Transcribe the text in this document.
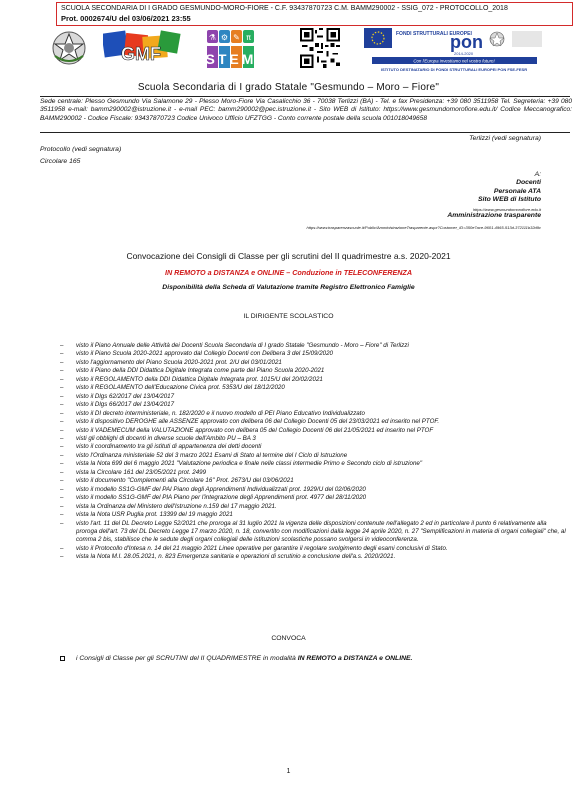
SCUOLA SECONDARIA DI I GRADO GESMUNDO-MORO-FIORE - C.F. 93437870723 C.M. BAMM290002 - SSIG_072 - PROTOCOLLO_2018
Prot. 0002674/U del 03/06/2021 23:55
GMF
⚗ ⚙ ✎ π
STEM
FONDI STRUTTURALI EUROPEI
pon
2014-2020
Con l'Europa investiamo nel vostro futuro!
ISTITUTO DESTINATARIO DI FONDI STRUTTURALI EUROPEI PON FSE-FESR
Scuola Secondaria di I grado Statale "Gesmundo – Moro – Fiore"
Sede centrale: Plesso Gesmundo Via Salamone 29 - Plesso Moro-Fiore Via Casalicchio 36 - 70038 Terlizzi (BA) - Tel. e fax Presidenza: +39 080 3511958 Tel. Segreteria: +39 080 3511958 e-mail: bamm290002@istruzione.it - e-mail PEC: bamm290002@pec.istruzione.it - Sito WEB di Istituto: https://www.gesmundomorofiore.edu.it/ Codice Meccanografico: BAMM290002 - Codice Fiscale: 93437870723 Codice Univoco Ufficio UFZTGG - Conto corrente postale della scuola 001018049658
Terlizzi (vedi segnatura)
Protocollo (vedi segnatura)
Circolare 165
A:
Docenti
Personale ATA
Sito WEB di Istituto
https://www.gesmundomorofiore.edu.it
Amministrazione trasparente
https://www.trasparenzascuole.it/Public/AmministrazioneTrasparente.aspx?Customer_ID=350e7ace-9601-4965-513d-372111b32d9c
Convocazione dei Consigli di Classe per gli scrutini del II quadrimestre a.s. 2020-2021
IN REMOTO a DISTANZA e ONLINE – Conduzione in TELECONFERENZA
Disponibilità della Scheda di Valutazione tramite Registro Elettronico Famiglie
IL DIRIGENTE SCOLASTICO
– visto il Piano Annuale delle Attività dei Docenti Scuola Secondaria di I grado Statale "Gesmundo - Moro – Fiore" di Terlizzi
– visto il Piano Scuola 2020-2021 approvato dal Collegio Docenti con Delibera 3 del 15/09/2020
– visto l'aggiornamento del Piano Scuola 2020-2021 prot. 2/U del 03/01/2021
– visto il Piano della DDI Didattica Digitale Integrata come parte del Piano Scuola 2020-2021
– visto il REGOLAMENTO della DDI Didattica Digitale Integrata prot. 1015/U del 20/02/2021
– visto il REGOLAMENTO dell'Educazione Civica prot. 5353/U del 18/12/2020
– visto il Dlgs 62/2017 del 13/04/2017
– visto il Dlgs 66/2017 del 13/04/2017
– visto il DI decreto interministeriale, n. 182/2020 e il nuovo modello di PEI Piano Educativo Individualizzato
– visto il dispositivo DEROGHE alle ASSENZE approvato con delibera 06 del Collegio Docenti 05 del 23/03/2021 ed inserito nel PTOF.
– visto il VADEMECUM della VALUTAZIONE approvato con delibera 05 del Collegio Docenti 06 del 21/05/2021 ed inserito nel PTOF
– visti gli obblighi di docenti in diverse scuole dell'Ambito PU – BA 3
– visto il coordinamento tra gli istituti di appartenenza dei detti docenti
– visto l'Ordinanza ministeriale 52 del 3 marzo 2021 Esami di Stato al termine del I Ciclo di Istruzione
– vista la Nota 699 del 6 maggio 2021 "Valutazione periodica e finale nelle classi intermedie Primo e Secondo ciclo di istruzione"
– vista la Circolare 161 del 23/05/2021 prot. 2499
– visto il documento "Complementi alla Circolare 16" Prot. 2673/U del 03/06/2021
– visto il modello SS1G-GMF del PAI Piano degli Apprendimenti Individualizzati prot. 1929/U del 02/06/2020
– visto il modello SS1G-GMF del PIA Piano per l'integrazione degli Apprendimenti prot. 4977 del 28/11/2020
– vista la Ordinanza del Ministero dell'Istruzione n.159 del 17 maggio 2021.
– vista la Nota USR Puglia prot. 13399 del 19 maggio 2021
– visto l'art. 11 del DL Decreto Legge 52/2021 che proroga al 31 luglio 2021 la vigenza delle disposizioni contenute nell'allegato 2 ed in particolare il punto 6 relativamente alla proroga dell'art. 73 del DL Decreto Legge 17 marzo 2020, n. 18, convertito con modificazioni dalla legge 24 aprile 2020, n. 27 "Semplificazioni in materia di organi collegiali" che, al comma 2 bis, stabilisce che le sedute degli organi collegiali delle istituzioni scolastiche possano svolgersi in videoconferenza.
– visto il Protocollo d'Intesa n. 14 del 21 maggio 2021 Linee operative per garantire il regolare svolgimento degli esami conclusivi di Stato.
– vista la Nota M.I. 28.05.2021, n. 823 Emergenza sanitaria e operazioni di scrutinio a conclusione dell'a.s. 2020/2021.
CONVOCA
i Consigli di Classe per gli SCRUTINI del II QUADRIMESTRE in modalità IN REMOTO a DISTANZA e ONLINE.
1
